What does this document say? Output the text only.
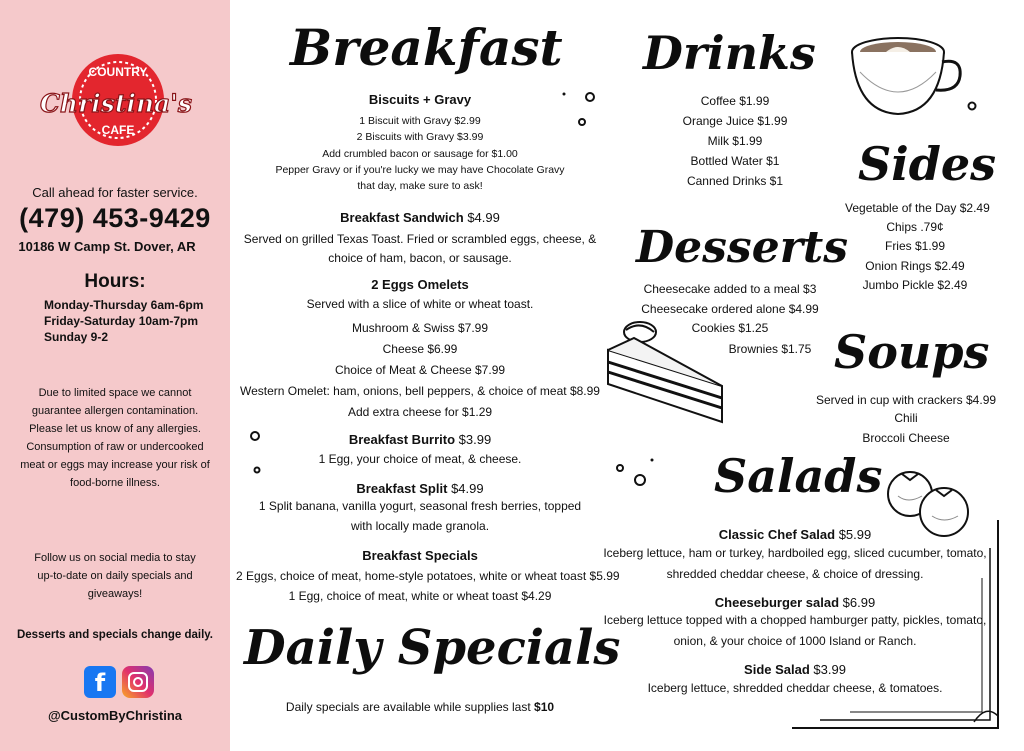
COUNTRY
Christina's
CAFE
Call ahead for faster service.
(479) 453-9429
10186 W Camp St. Dover, AR
Hours:
Monday-Thursday 6am-6pm
Friday-Saturday 10am-7pm
Sunday 9-2
Due to limited space we cannot
guarantee allergen contamination.
Please let us know of any allergies.
Consumption of raw or undercooked
meat or eggs may increase your risk of
food-borne illness.
Follow us on social media to stay
up-to-date on daily specials and
giveaways!
Desserts and specials change daily.
f
@CustomByChristina
Breakfast
Biscuits + Gravy
1 Biscuit with Gravy $2.99
2 Biscuits with Gravy $3.99
Add crumbled bacon or sausage for $1.00
Pepper Gravy or if you're lucky we may have Chocolate Gravy
that day, make sure to ask!
Breakfast Sandwich $4.99
Served on grilled Texas Toast. Fried or scrambled eggs, cheese, &
choice of ham, bacon, or sausage.
2 Eggs Omelets
Served with a slice of white or wheat toast.
Mushroom & Swiss $7.99
Cheese $6.99
Choice of Meat & Cheese $7.99
Western Omelet: ham, onions, bell peppers, & choice of meat $8.99
Add extra cheese for $1.29
Breakfast Burrito $3.99
1 Egg, your choice of meat, & cheese.
Breakfast Split $4.99
1 Split banana, vanilla yogurt, seasonal fresh berries, topped
with locally made granola.
Breakfast Specials
2 Eggs, choice of meat, home-style potatoes, white or wheat toast $5.99
1 Egg, choice of meat, white or wheat toast $4.29
Daily Specials
Daily specials are available while supplies last $10
Drinks
Coffee $1.99
Orange Juice $1.99
Milk $1.99
Bottled Water $1
Canned Drinks $1	Sides
Vegetable of the Day $2.49
Chips .79¢
Fries $1.99
Onion Rings $2.49
Jumbo Pickle $2.49
Desserts
Cheesecake added to a meal $3
Cheesecake ordered alone $4.99
Cookies $1.25
Brownies $1.75 Soups
Served in cup with crackers $4.99
Chili
Broccoli Cheese
Salads
Classic Chef Salad $5.99
Iceberg lettuce, ham or turkey, hardboiled egg, sliced cucumber, tomato,
shredded cheddar cheese, & choice of dressing.
Cheeseburger salad $6.99
Iceberg lettuce topped with a chopped hamburger patty, pickles, tomato,
onion, & your choice of 1000 Island or Ranch.
Side Salad $3.99
Iceberg lettuce, shredded cheddar cheese, & tomatoes.
